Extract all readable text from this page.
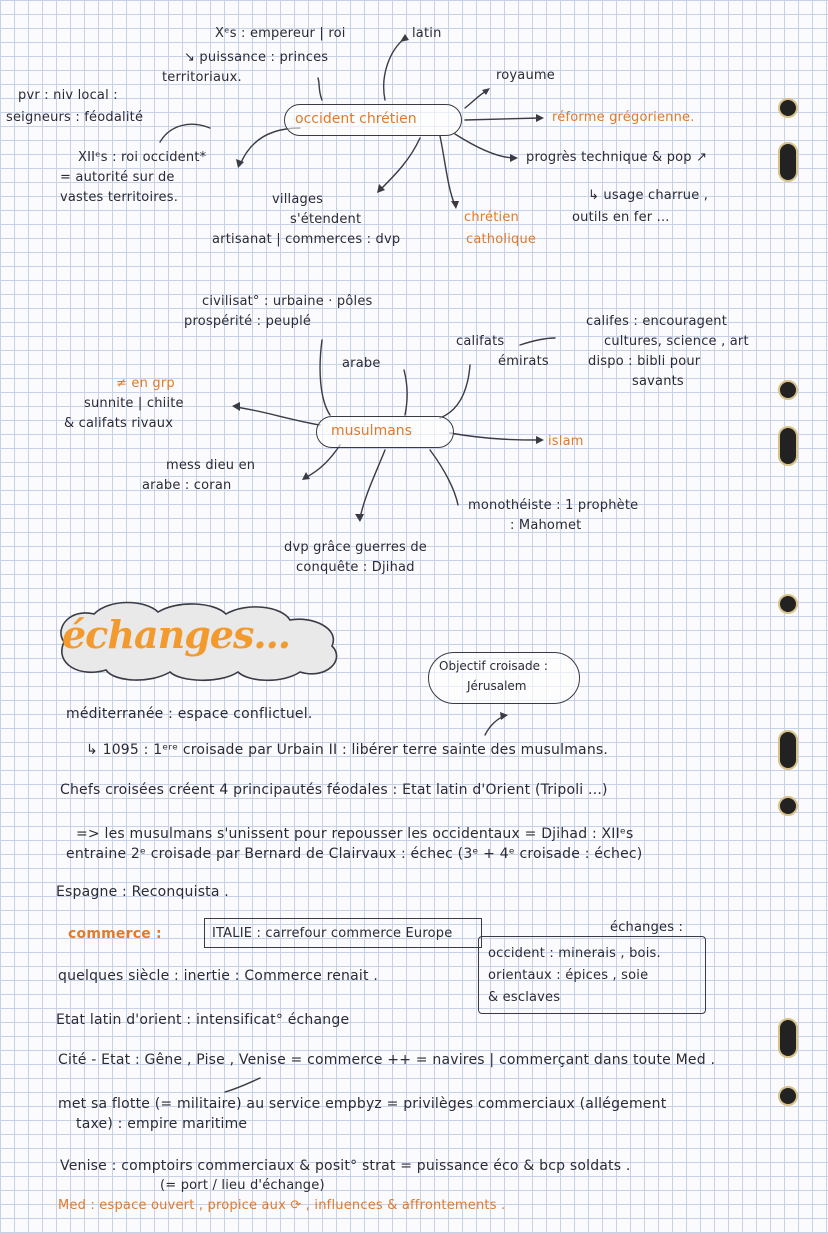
Xᵉs : empereur | roi
↘ puissance : princes
territoriaux.
latin
pvr : niv local :
seigneurs : féodalité
XIIᵉs : roi occident*
= autorité sur de
vastes territoires.
occident chrétien
royaume
réforme grégorienne.
progrès technique & pop ↗
↳ usage charrue ,
outils en fer ...
villages
s'étendent
artisanat | commerces : dvp
chrétien
catholique
civilisat° : urbaine · pôles
prospérité : peuplé
arabe
califats
émirats
califes : encouragent
cultures, science , art
dispo : bibli pour
savants
≠ en grp
sunnite | chiite
& califats rivaux	musulmans
islam
mess dieu en
arabe : coran
monothéiste : 1 prophète
: Mahomet
dvp grâce guerres de
conquête : Djihad
échanges...
Objectif croisade :
Jérusalem
méditerranée : espace conflictuel.
↳ 1095 : 1ᵉʳᵉ croisade par Urbain II : libérer terre sainte des musulmans.
Chefs croisées créent 4 principautés féodales : Etat latin d'Orient (Tripoli ...)
=> les musulmans s'unissent pour repousser les occidentaux = Djihad : XIIᵉs
entraine 2ᵉ croisade par Bernard de Clairvaux : échec (3ᵉ + 4ᵉ croisade : échec)
Espagne : Reconquista .
commerce :	ITALIE : carrefour commerce Europe	échanges :
occident : minerais , bois.
orientaux : épices , soie
& esclaves
quelques siècle : inertie : Commerce renait .
Etat latin d'orient : intensificat° échange
Cité - Etat : Gêne , Pise , Venise = commerce ++ = navires | commerçant dans toute Med .
met sa flotte (= militaire) au service empbyz = privilèges commerciaux (allégement
taxe) : empire maritime
Venise : comptoirs commerciaux & posit° strat = puissance éco & bcp soldats .
(= port / lieu d'échange)
Med : espace ouvert , propice aux ⟳ , influences & affrontements .
